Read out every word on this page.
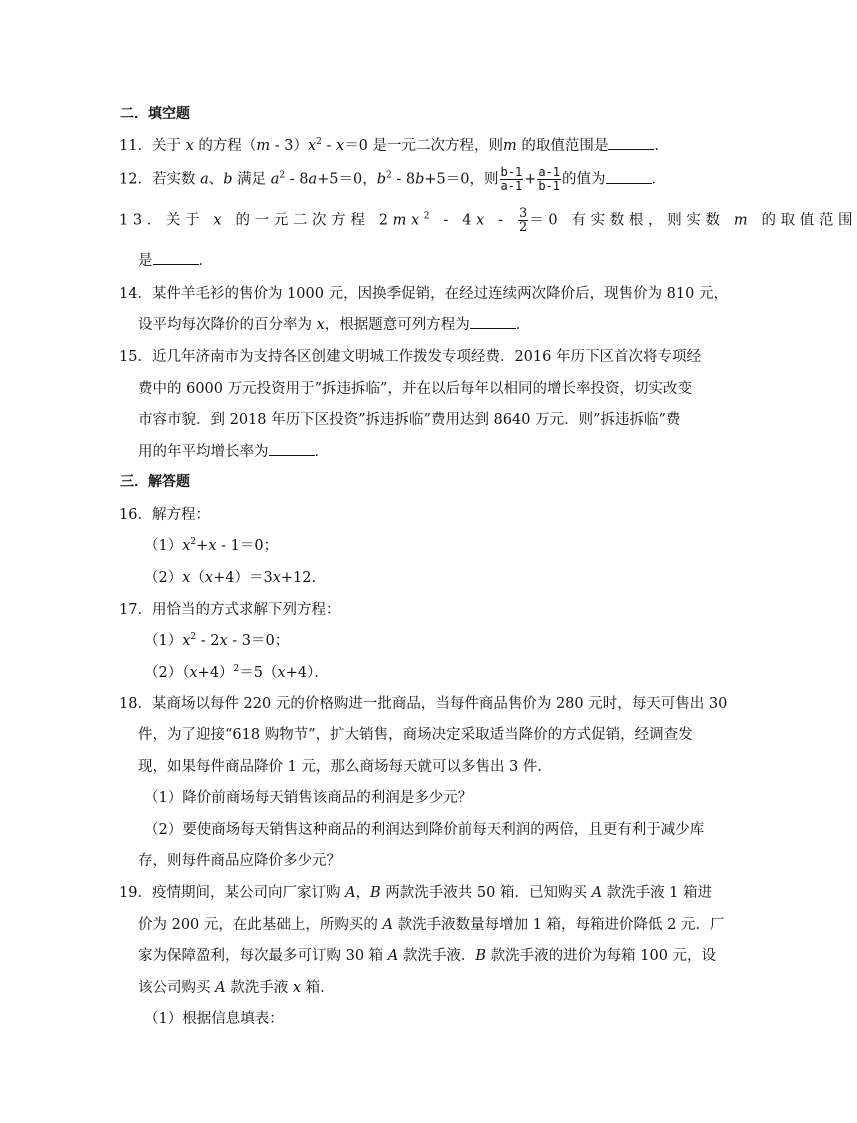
二．填空题
11．关于 x 的方程$(m - 3)x^2 - x=0$ 是一元二次方程，则m 的取值范围是	．
12．若实数 a、b 满足 $a^2 - 8a+5=0$，$b^2 - 8b+5=0$，则 $\frac{b-1}{a-1} + \frac{a-1}{b-1}$ 的值为	．
13．关于 x 的一元二次方程 $2mx^2 - 4x - \frac{3}{2} =0$ 有实数根，则实数 m 的取值范围
是	．
14．某件羊毛衫的售价为 1000 元，因换季促销，在经过连续两次降价后，现售价为 810 元，
设平均每次降价的百分率为 x，根据题意可列方程为	．
15．近几年济南市为支持各区创建文明城工作拨发专项经费．2016 年历下区首次将专项经
费中的 6000 万元投资用于”拆违拆临”，并在以后每年以相同的增长率投资，切实改变
市容市貌．到 2018 年历下区投资”拆违拆临”费用达到 8640 万元．则”拆违拆临”费
用的年平均增长率为	．
三．解答题
16．解方程：
$(1)x^2+x - 1=0$；
（2）x（x+4）＝3x+12．
17．用恰当的方式求解下列方程：
$(1)x^2 - 2x - 3=0$；
$(2)(x+4)^2=5(x+4)$．
18．某商场以每件 220 元的价格购进一批商品，当每件商品售价为 280 元时，每天可售出 30
件，为了迎接“618 购物节”，扩大销售，商场决定采取适当降价的方式促销，经调查发
现，如果每件商品降价 1 元，那么商场每天就可以多售出 3 件．
（1）降价前商场每天销售该商品的利润是多少元？
（2）要使商场每天销售这种商品的利润达到降价前每天利润的两倍，且更有利于减少库
存，则每件商品应降价多少元？
19．疫情期间，某公司向厂家订购 A，B 两款洗手液共 50 箱．已知购买 A 款洗手液 1 箱进
价为 200 元，在此基础上，所购买的 A 款洗手液数量每增加 1 箱，每箱进价降低 2 元．厂
家为保障盈利，每次最多可订购 30 箱 A 款洗手液．B 款洗手液的进价为每箱 100 元，设
该公司购买 A 款洗手液 x 箱．
（1）根据信息填表：
